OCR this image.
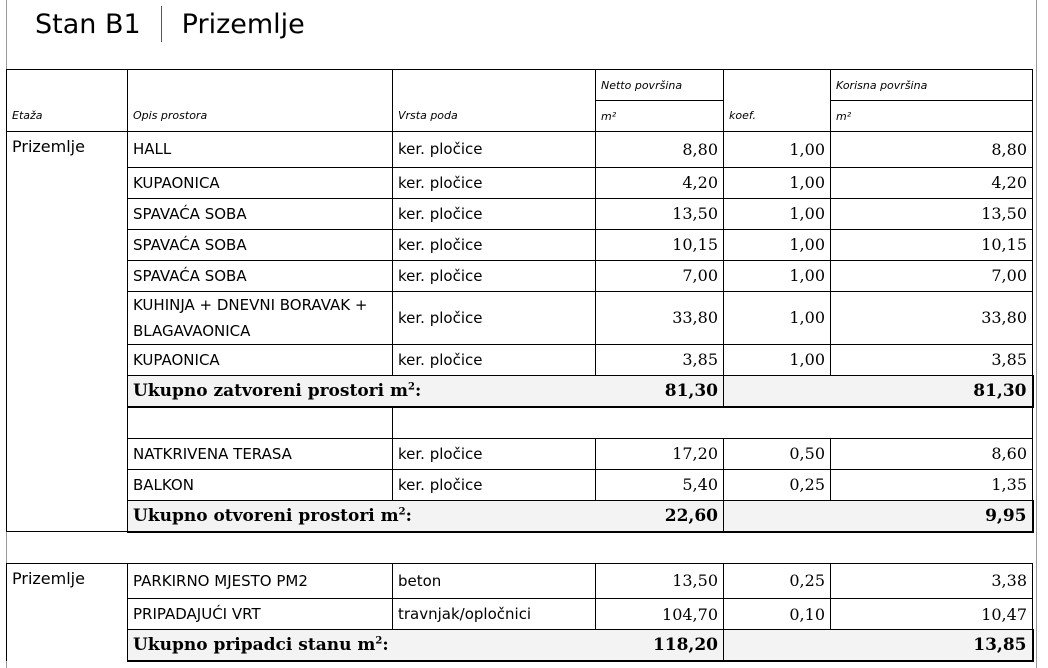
Stan B1 Prizemlje
			Netto površina		Korisna površina
Etaža	Opis prostora	Vrsta poda	m²	koef.	m²
Prizemlje	HALL	ker. pločice	8,80	1,00	8,80
	KUPAONICA	ker. pločice	4,20	1,00	4,20
	SPAVAĆA SOBA	ker. pločice	13,50	1,00	13,50
	SPAVAĆA SOBA	ker. pločice	10,15	1,00	10,15
	SPAVAĆA SOBA	ker. pločice	7,00	1,00	7,00
	KUHINJA + DNEVNI BORAVAK + BLAGAVAONICA	ker. pločice	33,80	1,00	33,80
	KUPAONICA	ker. pločice	3,85	1,00	3,85
	Ukupno zatvoreni prostori $m^2$:		81,30		81,30

	NATKRIVENA TERASA	ker. pločice	17,20	0,50	8,60
	BALKON	ker. pločice	5,40	0,25	1,35
	Ukupno otvoreni prostori $m^2$:		22,60		9,95

Prizemlje	PARKIRNO MJESTO PM2	beton	13,50	0,25	3,38
	PRIPADAJUĆI VRT	travnjak/opločnici	104,70	0,10	10,47
	Ukupno pripadci stanu $m^2$:		118,20		13,85
